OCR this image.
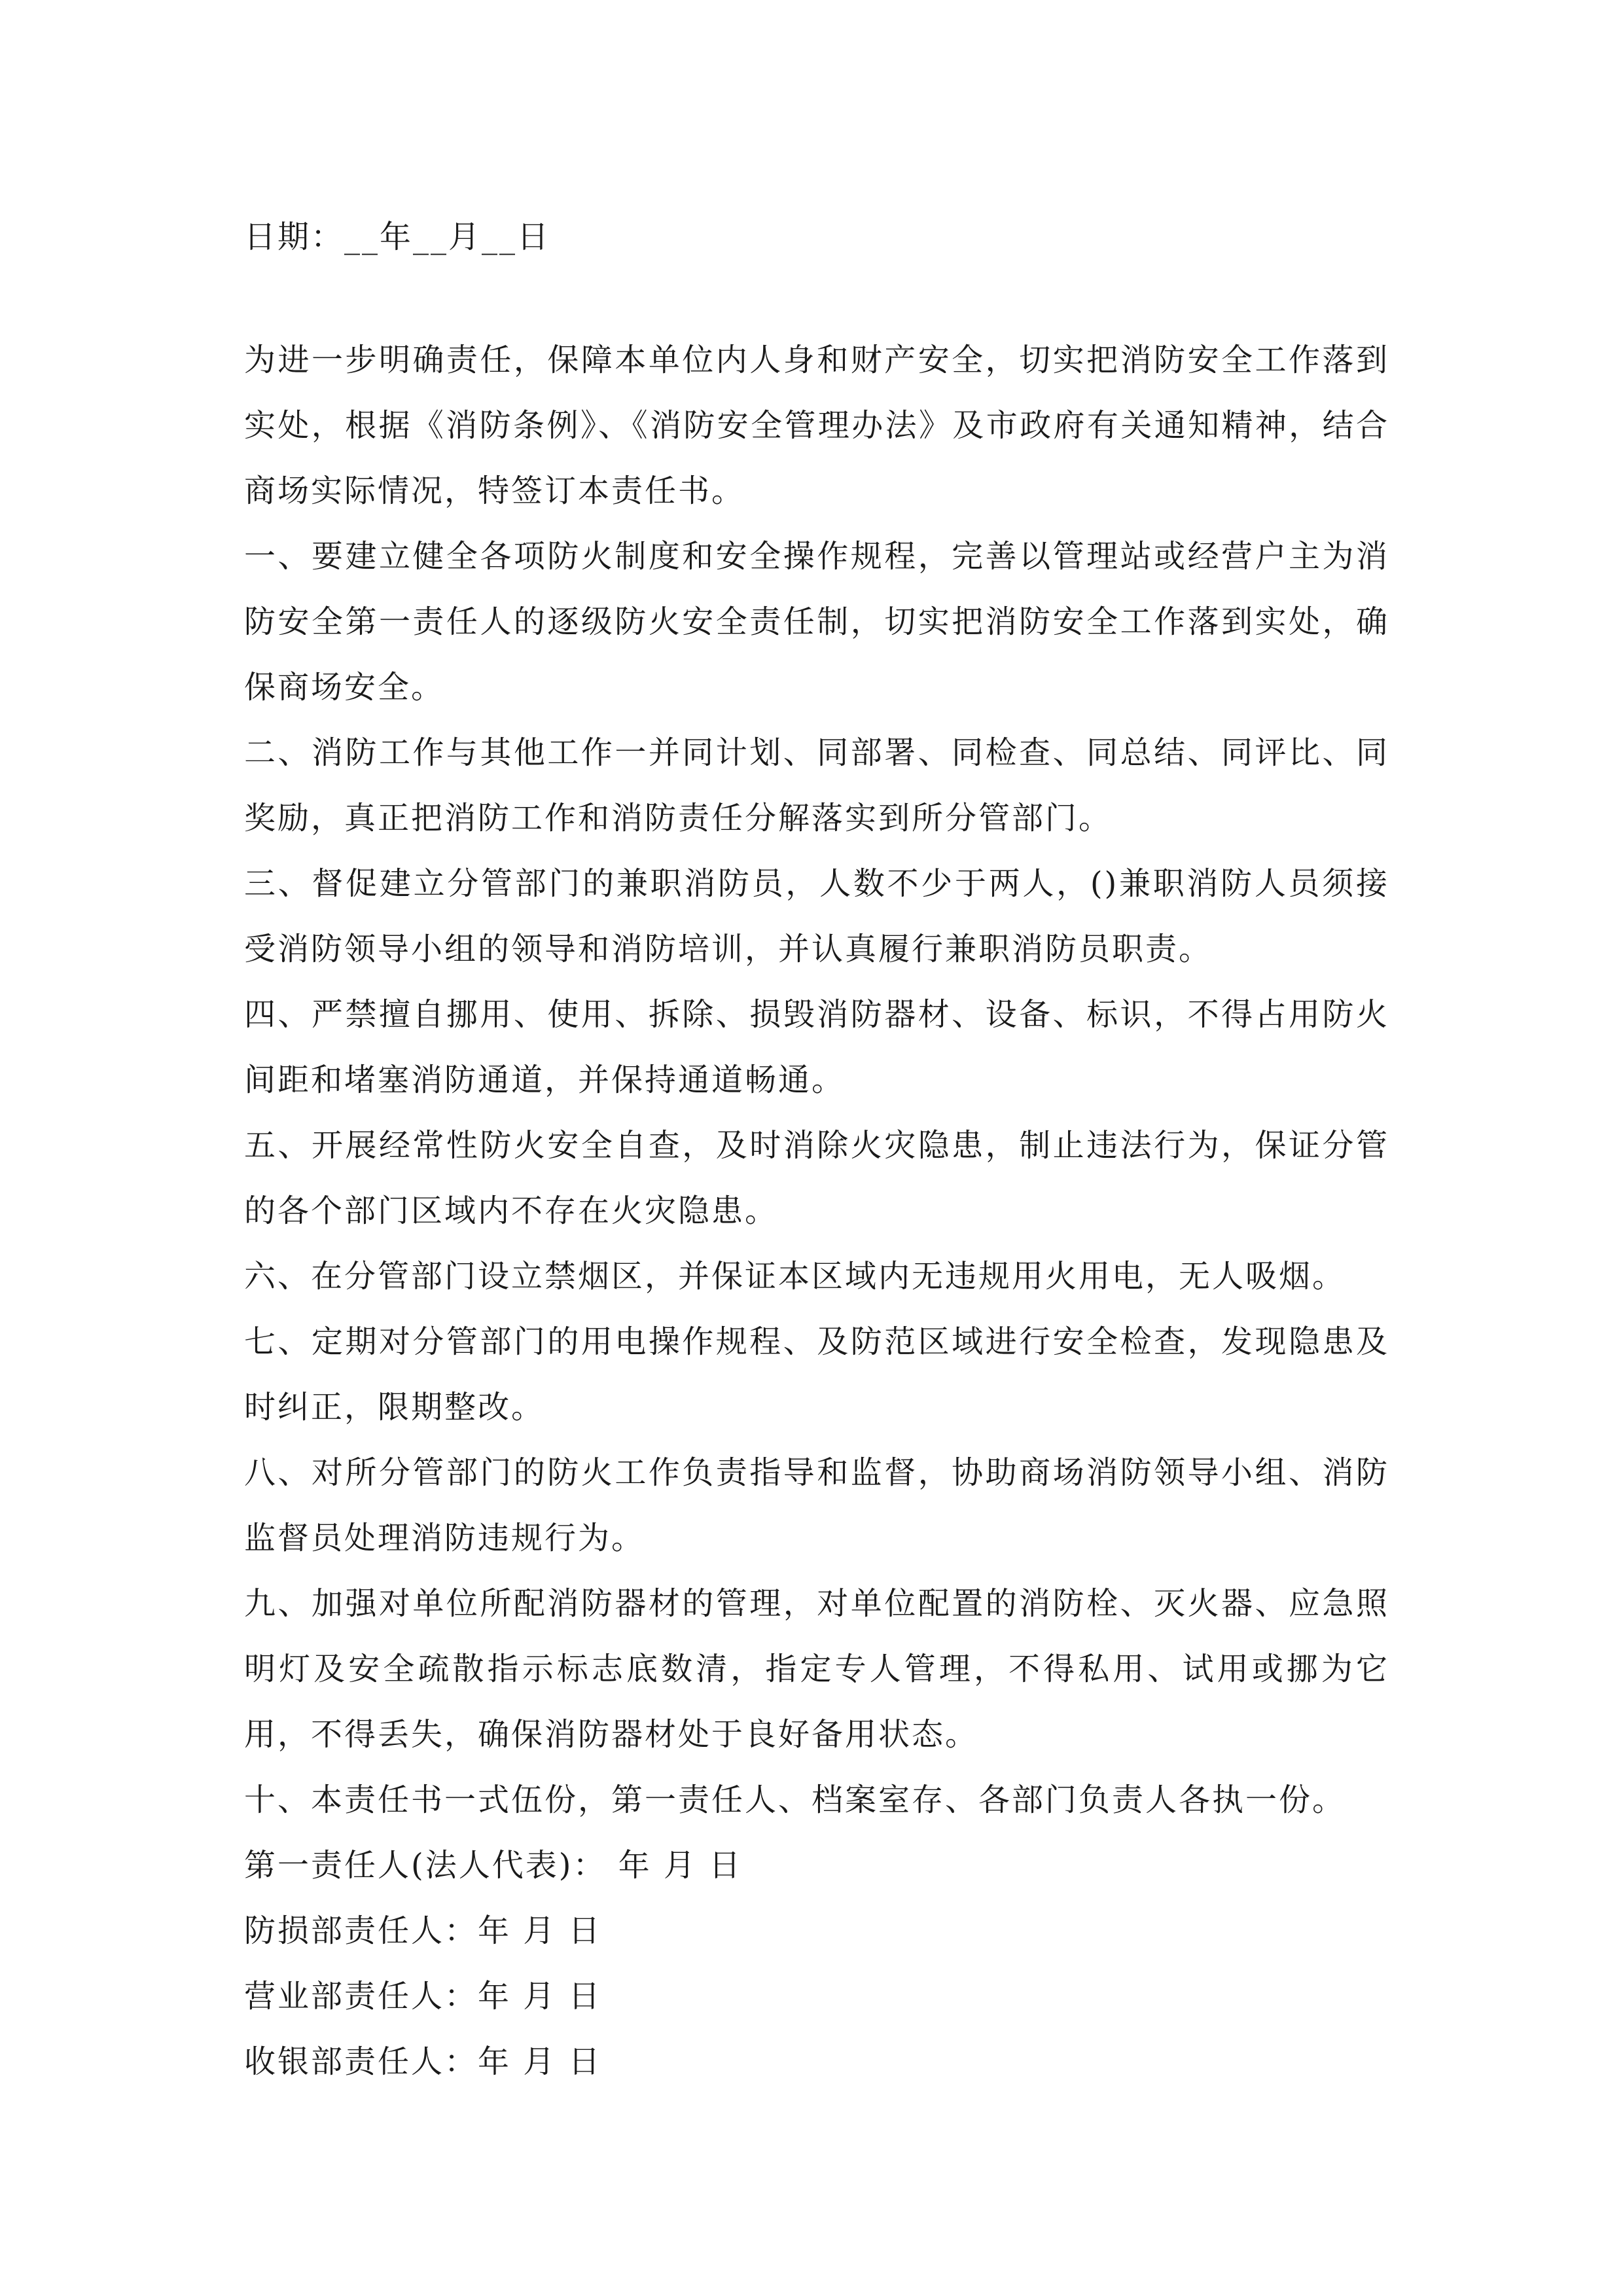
日期：__年__月__日

为进一步明确责任，保障本单位内人身和财产安全，切实把消防安全工作落到实处，根据《消防条例》、《消防安全管理办法》及市政府有关通知精神，结合商场实际情况，特签订本责任书。

一、要建立健全各项防火制度和安全操作规程，完善以管理站或经营户主为消防安全第一责任人的逐级防火安全责任制，切实把消防安全工作落到实处，确保商场安全。

二、消防工作与其他工作一并同计划、同部署、同检查、同总结、同评比、同奖励，真正把消防工作和消防责任分解落实到所分管部门。

三、督促建立分管部门的兼职消防员，人数不少于两人，()兼职消防人员须接受消防领导小组的领导和消防培训，并认真履行兼职消防员职责。

四、严禁擅自挪用、使用、拆除、损毁消防器材、设备、标识，不得占用防火间距和堵塞消防通道，并保持通道畅通。

五、开展经常性防火安全自查，及时消除火灾隐患，制止违法行为，保证分管的各个部门区域内不存在火灾隐患。

六、在分管部门设立禁烟区，并保证本区域内无违规用火用电，无人吸烟。

七、定期对分管部门的用电操作规程、及防范区域进行安全检查，发现隐患及时纠正，限期整改。

八、对所分管部门的防火工作负责指导和监督，协助商场消防领导小组、消防监督员处理消防违规行为。

九、加强对单位所配消防器材的管理，对单位配置的消防栓、灭火器、应急照明灯及安全疏散指示标志底数清，指定专人管理，不得私用、试用或挪为它用，不得丢失，确保消防器材处于良好备用状态。

十、本责任书一式伍份，第一责任人、档案室存、各部门负责人各执一份。

第一责任人(法人代表)： 年 月 日

防损部责任人：年 月 日

营业部责任人：年 月 日

收银部责任人：年 月 日
